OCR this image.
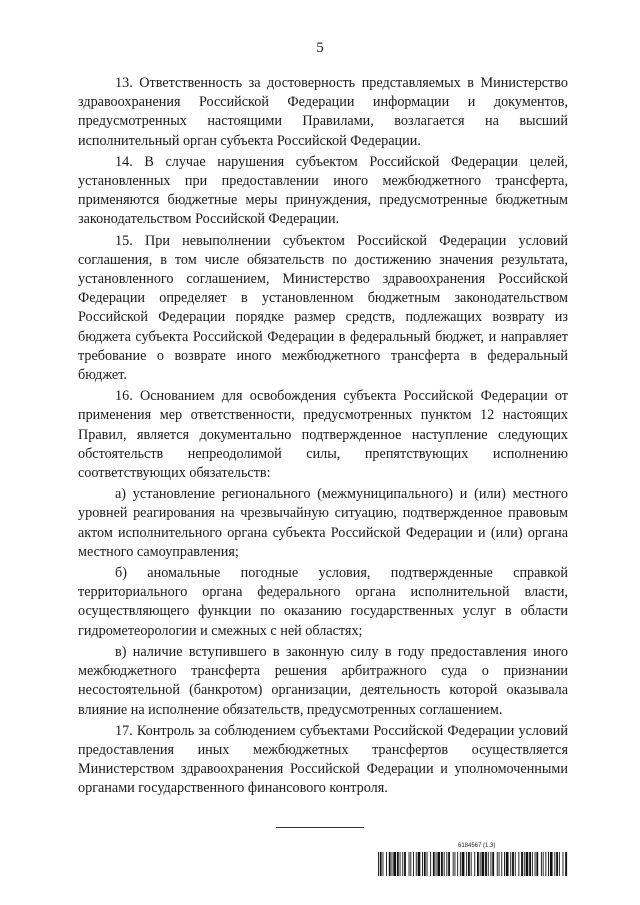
5

13. Ответственность за достоверность представляемых в Министерство здравоохранения Российской Федерации информации и документов, предусмотренных настоящими Правилами, возлагается на высший исполнительный орган субъекта Российской Федерации.

14. В случае нарушения субъектом Российской Федерации целей, установленных при предоставлении иного межбюджетного трансферта, применяются бюджетные меры принуждения, предусмотренные бюджетным законодательством Российской Федерации.

15. При невыполнении субъектом Российской Федерации условий соглашения, в том числе обязательств по достижению значения результата, установленного соглашением, Министерство здравоохранения Российской Федерации определяет в установленном бюджетным законодательством Российской Федерации порядке размер средств, подлежащих возврату из бюджета субъекта Российской Федерации в федеральный бюджет, и направляет требование о возврате иного межбюджетного трансферта в федеральный бюджет.

16. Основанием для освобождения субъекта Российской Федерации от применения мер ответственности, предусмотренных пунктом 12 настоящих Правил, является документально подтвержденное наступление следующих обстоятельств непреодолимой силы, препятствующих исполнению соответствующих обязательств:

а) установление регионального (межмуниципального) и (или) местного уровней реагирования на чрезвычайную ситуацию, подтвержденное правовым актом исполнительного органа субъекта Российской Федерации и (или) органа местного самоуправления;

б) аномальные погодные условия, подтвержденные справкой территориального органа федерального органа исполнительной власти, осуществляющего функции по оказанию государственных услуг в области гидрометеорологии и смежных с ней областях;

в) наличие вступившего в законную силу в году предоставления иного межбюджетного трансферта решения арбитражного суда о признании несостоятельной (банкротом) организации, деятельность которой оказывала влияние на исполнение обязательств, предусмотренных соглашением.

17. Контроль за соблюдением субъектами Российской Федерации условий предоставления иных межбюджетных трансфертов осуществляется Министерством здравоохранения Российской Федерации и уполномоченными органами государственного финансового контроля.

6184567 (1.3)
